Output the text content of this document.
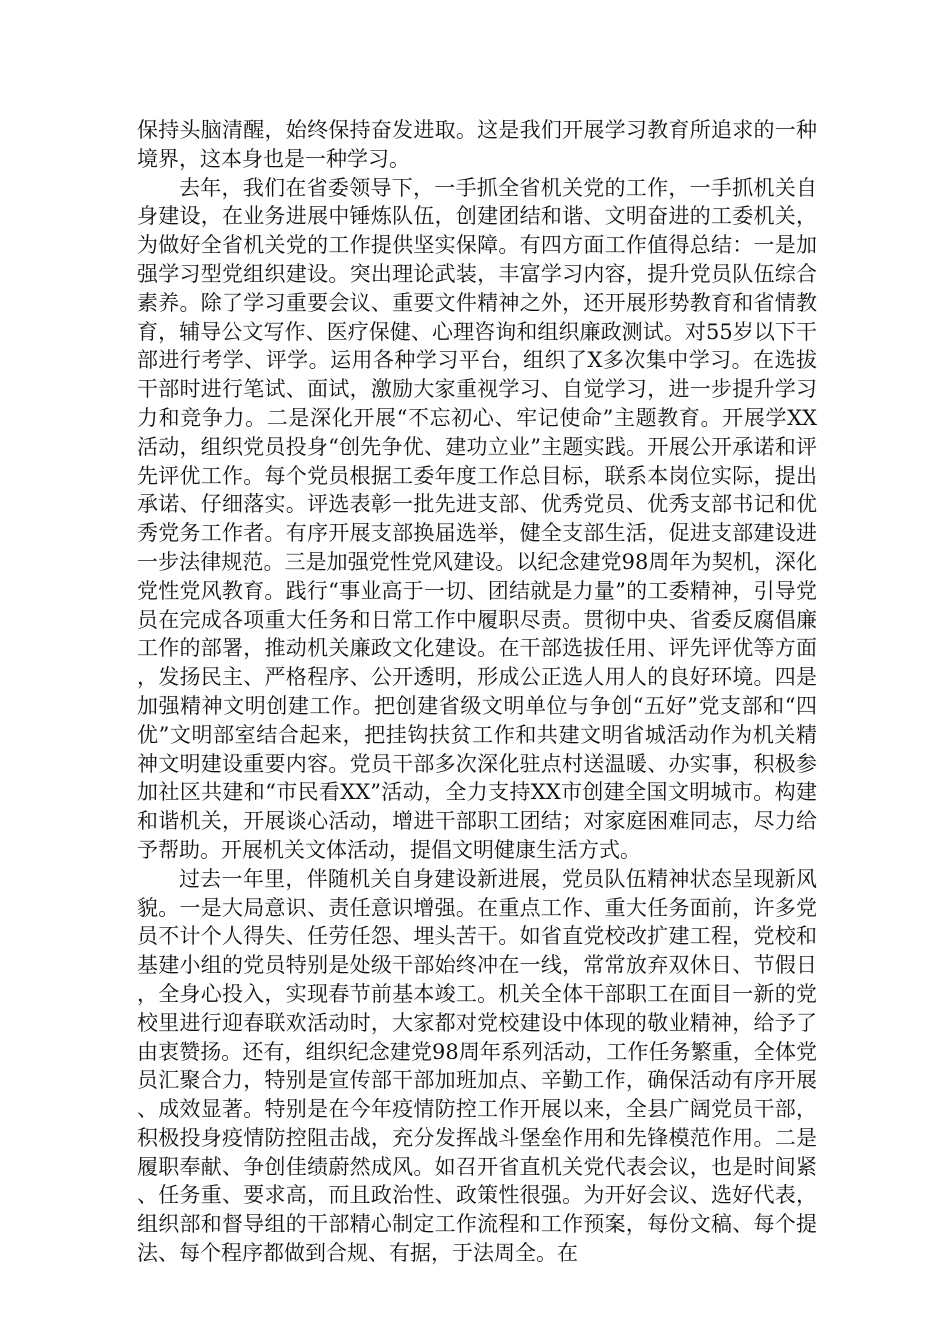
保持头脑清醒，始终保持奋发进取。这是我们开展学习教育所追求的一种境界，这本身也是一种学习。

去年，我们在省委领导下，一手抓全省机关党的工作，一手抓机关自身建设，在业务进展中锤炼队伍，创建团结和谐、文明奋进的工委机关，为做好全省机关党的工作提供坚实保障。有四方面工作值得总结：一是加强学习型党组织建设。突出理论武装，丰富学习内容，提升党员队伍综合素养。除了学习重要会议、重要文件精神之外，还开展形势教育和省情教育，辅导公文写作、医疗保健、心理咨询和组织廉政测试。对55岁以下干部进行考学、评学。运用各种学习平台，组织了X多次集中学习。在选拔干部时进行笔试、面试，激励大家重视学习、自觉学习，进一步提升学习力和竞争力。二是深化开展“不忘初心、牢记使命”主题教育。开展学XX活动，组织党员投身“创先争优、建功立业”主题实践。开展公开承诺和评先评优工作。每个党员根据工委年度工作总目标，联系本岗位实际，提出承诺、仔细落实。评选表彰一批先进支部、优秀党员、优秀支部书记和优秀党务工作者。有序开展支部换届选举，健全支部生活，促进支部建设进一步法律规范。三是加强党性党风建设。以纪念建党98周年为契机，深化党性党风教育。践行“事业高于一切、团结就是力量”的工委精神，引导党员在完成各项重大任务和日常工作中履职尽责。贯彻中央、省委反腐倡廉工作的部署，推动机关廉政文化建设。在干部选拔任用、评先评优等方面，发扬民主、严格程序、公开透明，形成公正选人用人的良好环境。四是加强精神文明创建工作。把创建省级文明单位与争创“五好”党支部和“四优”文明部室结合起来，把挂钩扶贫工作和共建文明省城活动作为机关精神文明建设重要内容。党员干部多次深化驻点村送温暖、办实事，积极参加社区共建和“市民看XX”活动，全力支持XX市创建全国文明城市。构建和谐机关，开展谈心活动，增进干部职工团结；对家庭困难同志，尽力给予帮助。开展机关文体活动，提倡文明健康生活方式。

过去一年里，伴随机关自身建设新进展，党员队伍精神状态呈现新风貌。一是大局意识、责任意识增强。在重点工作、重大任务面前，许多党员不计个人得失、任劳任怨、埋头苦干。如省直党校改扩建工程，党校和基建小组的党员特别是处级干部始终冲在一线，常常放弃双休日、节假日，全身心投入，实现春节前基本竣工。机关全体干部职工在面目一新的党校里进行迎春联欢活动时，大家都对党校建设中体现的敬业精神，给予了由衷赞扬。还有，组织纪念建党98周年系列活动，工作任务繁重，全体党员汇聚合力，特别是宣传部干部加班加点、辛勤工作，确保活动有序开展、成效显著。特别是在今年疫情防控工作开展以来，全县广阔党员干部，积极投身疫情防控阻击战，充分发挥战斗堡垒作用和先锋模范作用。二是履职奉献、争创佳绩蔚然成风。如召开省直机关党代表会议，也是时间紧、任务重、要求高，而且政治性、政策性很强。为开好会议、选好代表，组织部和督导组的干部精心制定工作流程和工作预案，每份文稿、每个提法、每个程序都做到合规、有据，于法周全。在
